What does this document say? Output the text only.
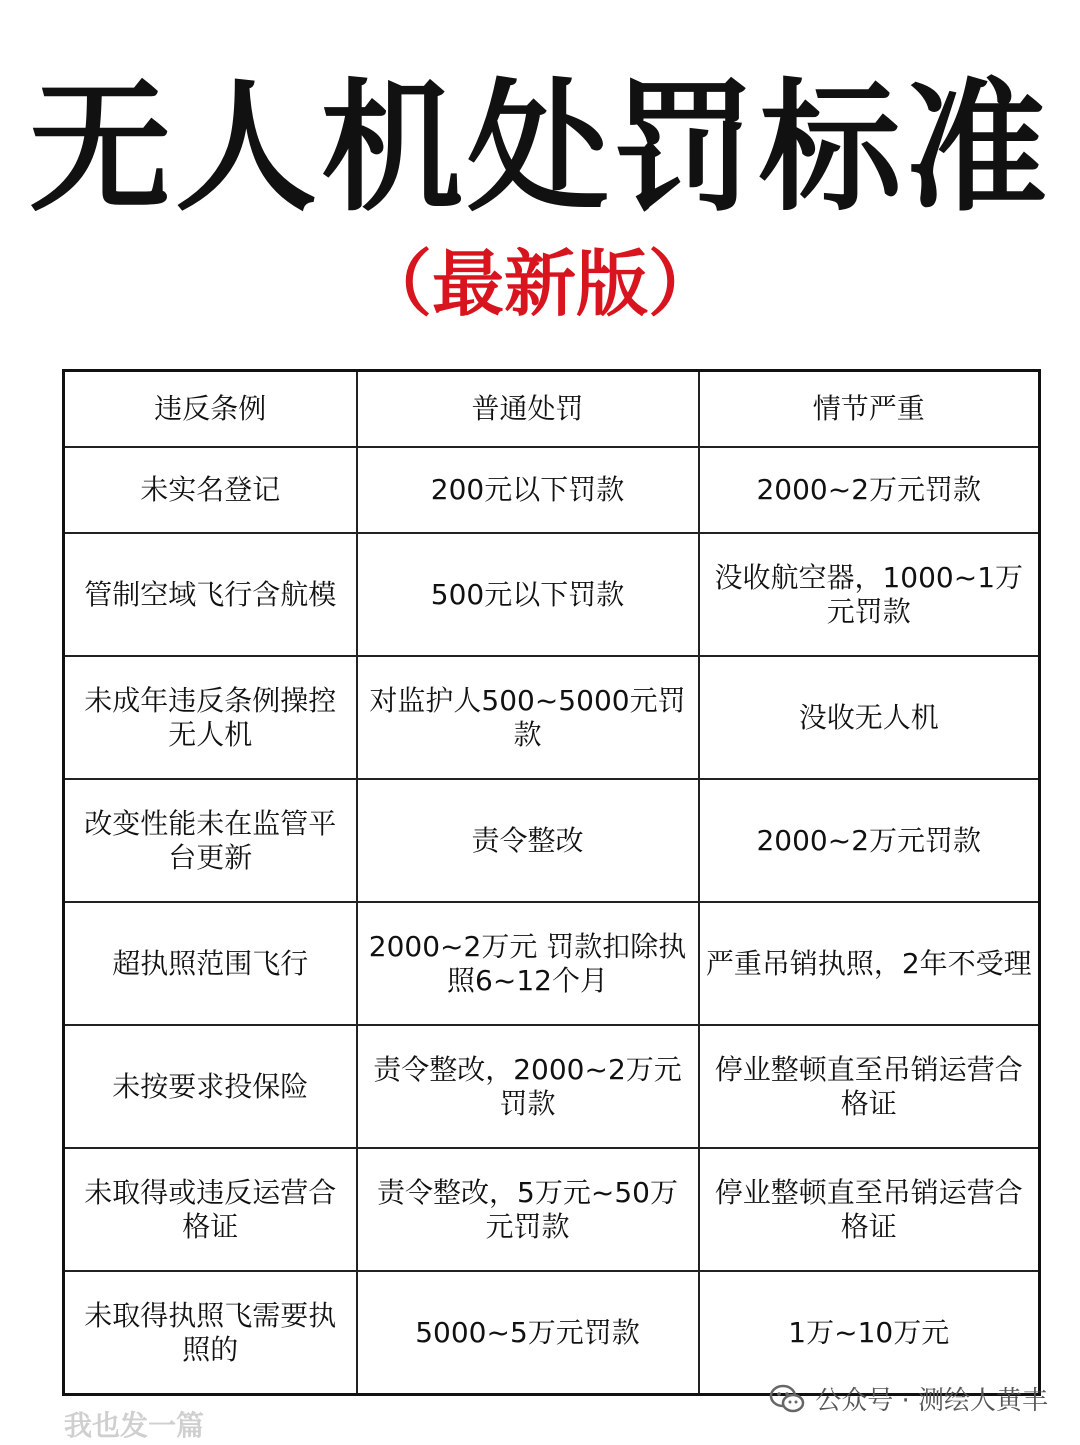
无人机处罚标准
（最新版）
违反条例	普通处罚	情节严重
未实名登记	200元以下罚款	2000~2万元罚款
管制空域飞行含航模	500元以下罚款	没收航空器，1000~1万元罚款
未成年违反条例操控无人机	对监护人500~5000元罚款	没收无人机
改变性能未在监管平台更新	责令整改	2000~2万元罚款
超执照范围飞行	2000~2万元 罚款扣除执照6~12个月	严重吊销执照，2年不受理
未按要求投保险	责令整改，2000~2万元罚款	停业整顿直至吊销运营合格证
未取得或违反运营合格证	责令整改，5万元~50万元罚款	停业整顿直至吊销运营合格证
未取得执照飞需要执照的	5000~5万元罚款	1万~10万元
我也发一篇
公众号 · 测绘人黄丰
